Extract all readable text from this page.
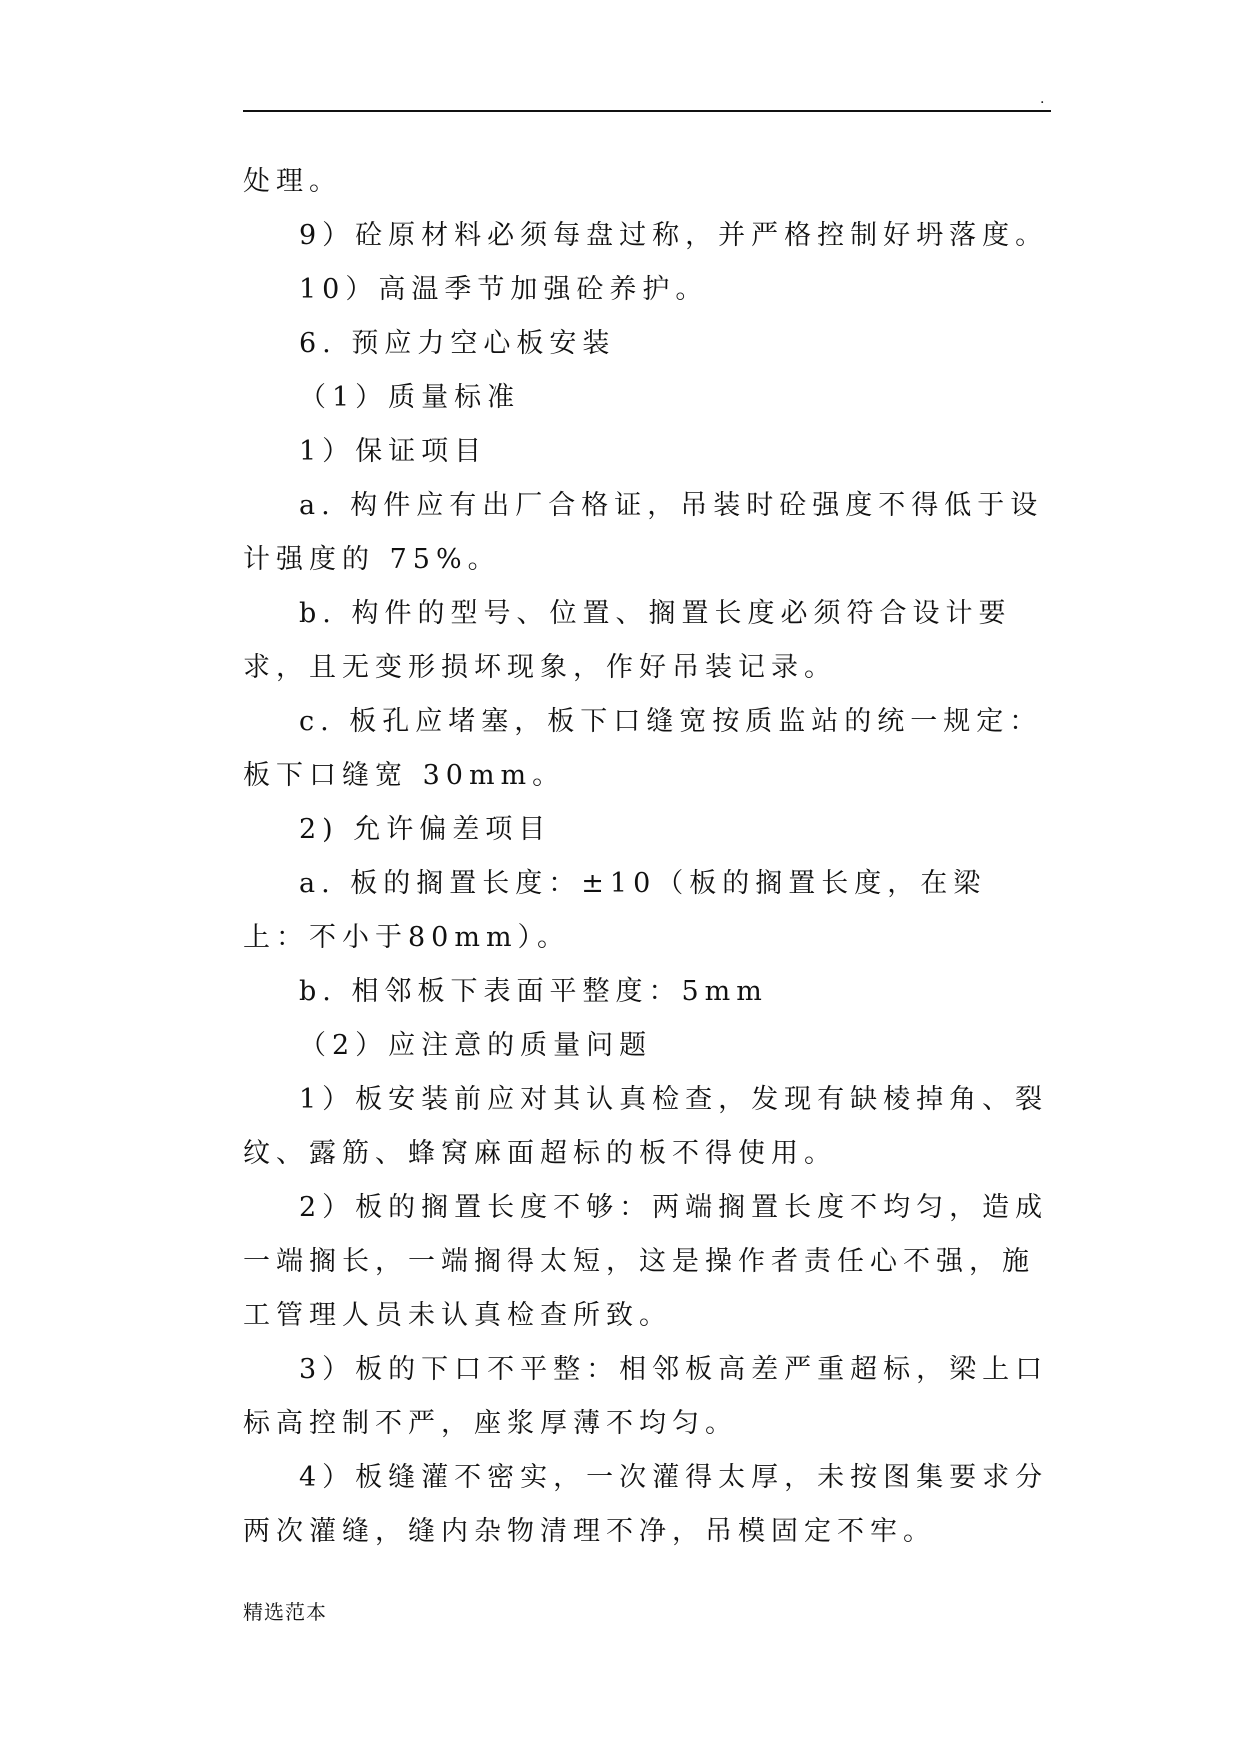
.

处理。

9）砼原材料必须每盘过称，并严格控制好坍落度。

10）高温季节加强砼养护。

6. 预应力空心板安装

（1）质量标准

1）保证项目

a. 构件应有出厂合格证，吊装时砼强度不得低于设计强度的 75%。

b. 构件的型号、位置、搁置长度必须符合设计要求，且无变形损坏现象，作好吊装记录。

c. 板孔应堵塞，板下口缝宽按质监站的统一规定：板下口缝宽 30mm。

2) 允许偏差项目

a. 板的搁置长度：±10（板的搁置长度，在梁上：不小于80mm）。

b. 相邻板下表面平整度：5mm

（2）应注意的质量问题

1）板安装前应对其认真检查，发现有缺棱掉角、裂纹、露筋、蜂窝麻面超标的板不得使用。

2）板的搁置长度不够：两端搁置长度不均匀，造成一端搁长，一端搁得太短，这是操作者责任心不强，施工管理人员未认真检查所致。

3）板的下口不平整：相邻板高差严重超标，梁上口标高控制不严，座浆厚薄不均匀。

4）板缝灌不密实，一次灌得太厚，未按图集要求分两次灌缝，缝内杂物清理不净，吊模固定不牢。

精选范本
